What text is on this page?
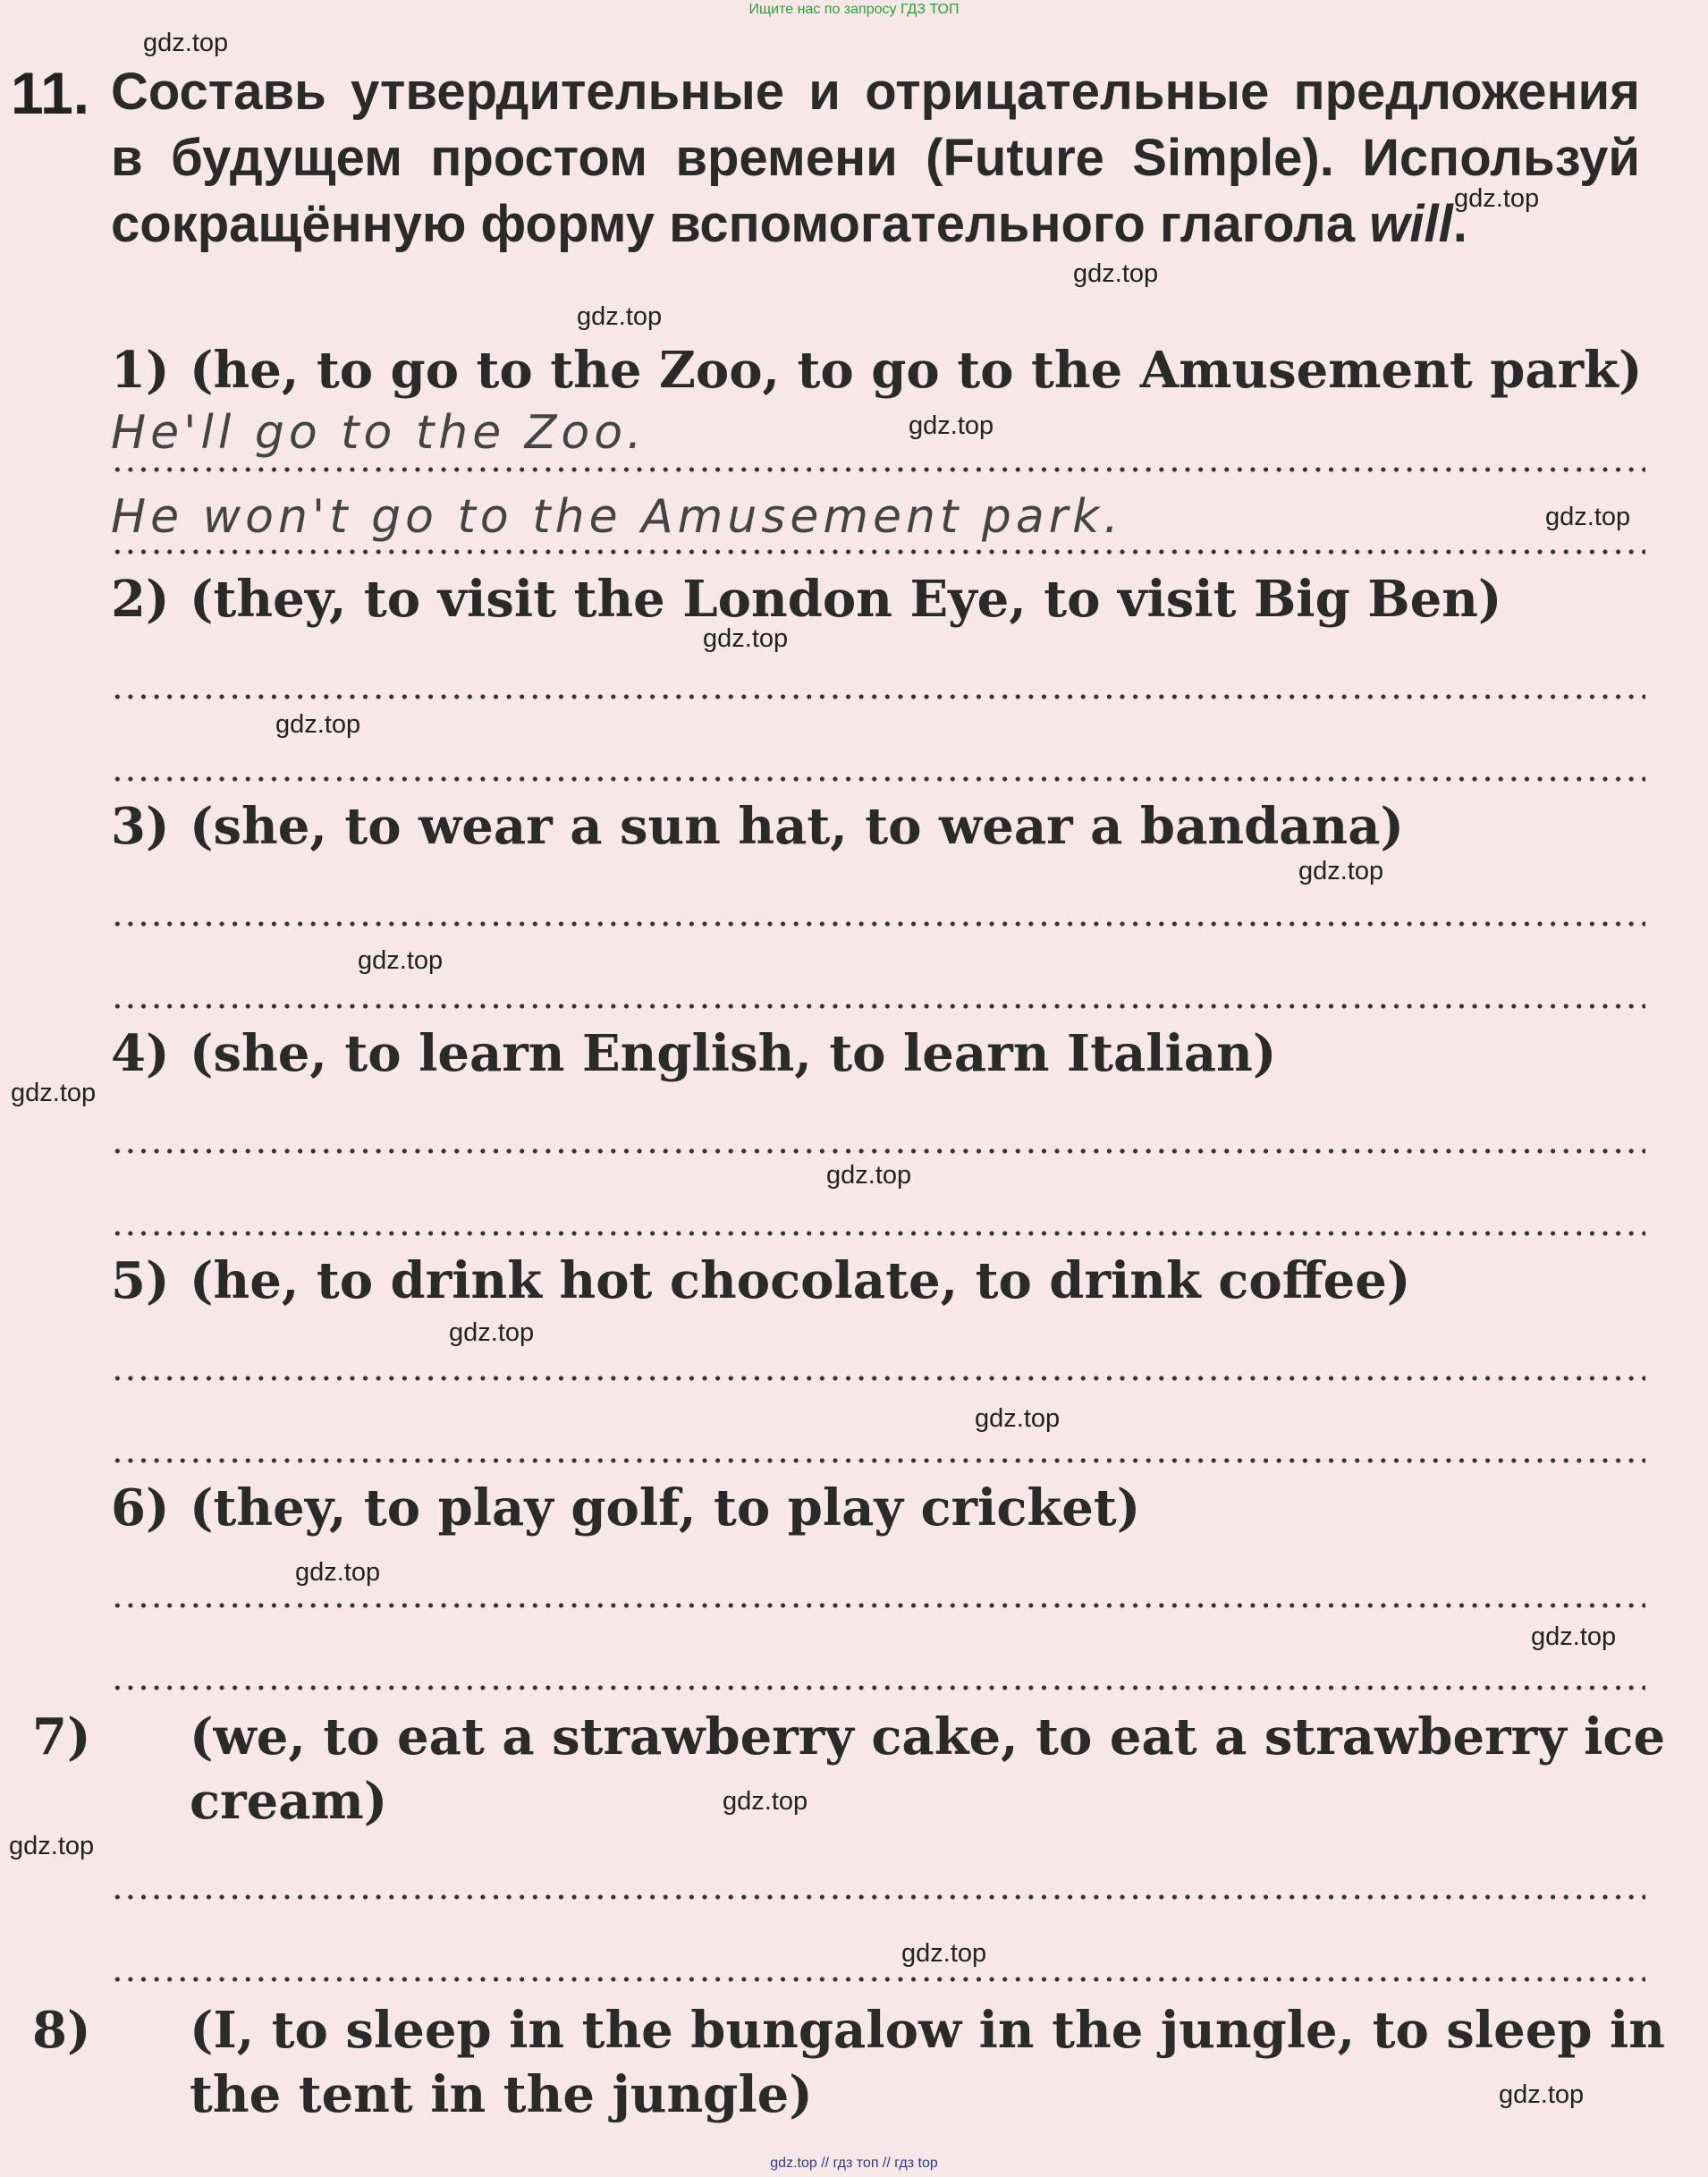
Ищите нас по запросу ГДЗ ТОП
11. Составь утвердительные и отрицательные предложения в будущем простом времени (Future Simple). Используй сокращённую форму вспомогательного глагола will.
1) (he, to go to the Zoo, to go to the Amusement park)
He'll go to the Zoo.
He won't go to the Amusement park.
2) (they, to visit the London Eye, to visit Big Ben)
3) (she, to wear a sun hat, to wear a bandana)
4) (she, to learn English, to learn Italian)
5) (he, to drink hot chocolate, to drink coffee)
6) (they, to play golf, to play cricket)
7) (we, to eat a strawberry cake, to eat a strawberry ice cream)
8) (I, to sleep in the bungalow in the jungle, to sleep in the tent in the jungle)
gdz.top
gdz.top
gdz.top
gdz.top
gdz.top
gdz.top
gdz.top
gdz.top
gdz.top
gdz.top
gdz.top
gdz.top
gdz.top
gdz.top
gdz.top
gdz.top
gdz.top
gdz.top
gdz.top
gdz.top
gdz.top // гдз топ // гдз top
